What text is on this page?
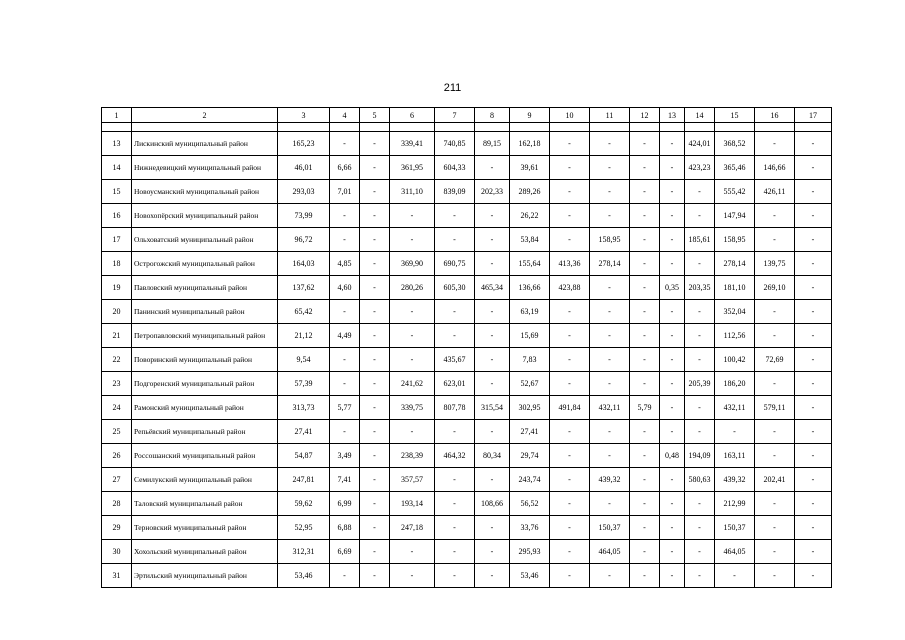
211
1	2	3	4	5	6	7	8	9	10	11	12	13	14	15	16	17

13	Лискинский муниципальный район	165,23	-	-	339,41	740,85	89,15	162,18	-	-	-	-	424,01	368,52	-	-
14	Нижнедевицкий муниципальный район	46,01	6,66	-	361,95	604,33	-	39,61	-	-	-	-	423,23	365,46	146,66	-
15	Новоусманский муниципальный район	293,03	7,01	-	311,10	839,09	202,33	289,26	-	-	-	-	-	555,42	426,11	-
16	Новохопёрский муниципальный район	73,99	-	-	-	-	-	26,22	-	-	-	-	-	147,94	-	-
17	Ольховатский муниципальный район	96,72	-	-	-	-	-	53,84	-	158,95	-	-	185,61	158,95	-	-
18	Острогожский муниципальный район	164,03	4,85	-	369,90	690,75	-	155,64	413,36	278,14	-	-	-	278,14	139,75	-
19	Павловский муниципальный район	137,62	4,60	-	280,26	605,30	465,34	136,66	423,88	-	-	0,35	203,35	181,10	269,10	-
20	Панинский муниципальный район	65,42	-	-	-	-	-	63,19	-	-	-	-	-	352,04	-	-
21	Петропавловский муниципальный район	21,12	4,49	-	-	-	-	15,69	-	-	-	-	-	112,56	-	-
22	Поворинский муниципальный район	9,54	-	-	-	435,67	-	7,83	-	-	-	-	-	100,42	72,69	-
23	Подгоренский муниципальный район	57,39	-	-	241,62	623,01	-	52,67	-	-	-	-	205,39	186,20	-	-
24	Рамонский муниципальный район	313,73	5,77	-	339,75	807,78	315,54	302,95	491,84	432,11	5,79	-	-	432,11	579,11	-
25	Репьёвский муниципальный район	27,41	-	-	-	-	-	27,41	-	-	-	-	-	-	-	-
26	Россошанский муниципальный район	54,87	3,49	-	238,39	464,32	80,34	29,74	-	-	-	0,48	194,09	163,11	-	-
27	Семилукский муниципальный район	247,81	7,41	-	357,57	-	-	243,74	-	439,32	-	-	580,63	439,32	202,41	-
28	Таловский муниципальный район	59,62	6,99	-	193,14	-	108,66	56,52	-	-	-	-	-	212,99	-	-
29	Терновский муниципальный район	52,95	6,88	-	247,18	-	-	33,76	-	150,37	-	-	-	150,37	-	-
30	Хохольский муниципальный район	312,31	6,69	-	-	-	-	295,93	-	464,05	-	-	-	464,05	-	-
31	Эртильский муниципальный район	53,46	-	-	-	-	-	53,46	-	-	-	-	-	-	-	-
